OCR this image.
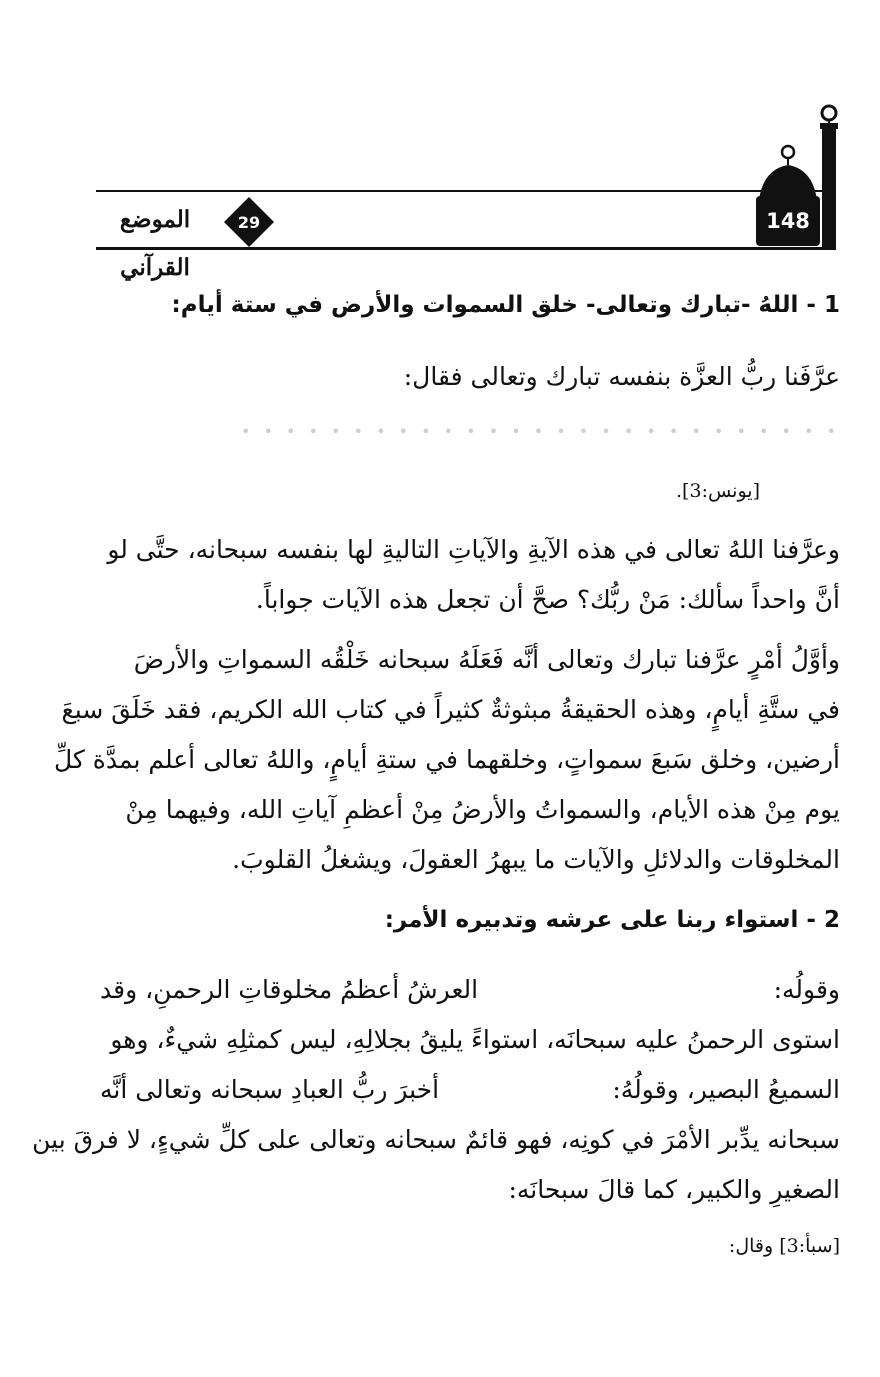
148
29
الموضع القرآني
1 - اللهُ -تبارك وتعالى- خلق السموات والأرض في ستة أيام:
عرَّفَنا ربُّ العزَّة بنفسه تبارك وتعالى فقال:
• • • • • • • • • • • • • • • • • • • • • • • • • • •
[يونس:3].
وعرَّفنا اللهُ تعالى في هذه الآيةِ والآياتِ التاليةِ لها بنفسه سبحانه، حتَّى لو
أنَّ واحداً سألك: مَنْ ربُّك؟ صحَّ أن تجعل هذه الآيات جواباً.
وأوَّلُ أمْرٍ عرَّفنا تبارك وتعالى أنَّه فَعَلَهُ سبحانه خَلْقُه السمواتِ والأرضَ
في ستَّةِ أيامٍ، وهذه الحقيقةُ مبثوثةٌ كثيراً في كتاب الله الكريم، فقد خَلَقَ سبعَ
أرضين، وخلق سَبعَ سمواتٍ، وخلقهما في ستةِ أيامٍ، واللهُ تعالى أعلم بمدَّة كلِّ
يوم مِنْ هذه الأيام، والسمواتُ والأرضُ مِنْ أعظمِ آياتِ الله، وفيهما مِنْ
المخلوقات والدلائلِ والآيات ما يبهرُ العقولَ، ويشغلُ القلوبَ.
2 - استواء ربنا على عرشه وتدبيره الأمر:
وقولُه:
العرشُ أعظمُ مخلوقاتِ الرحمنِ، وقد
استوى الرحمنُ عليه سبحانَه، استواءً يليقُ بجلالِهِ، ليس كمثلِهِ شيءٌ، وهو
السميعُ البصير، وقولُهُ:
أخبرَ ربُّ العبادِ سبحانه وتعالى أنَّه
سبحانه يدِّبر الأمْرَ في كونِه، فهو قائمٌ سبحانه وتعالى على كلِّ شيءٍ، لا فرقَ بين
الصغيرِ والكبير، كما قالَ سبحانَه:
[سبأ:3] وقال:
